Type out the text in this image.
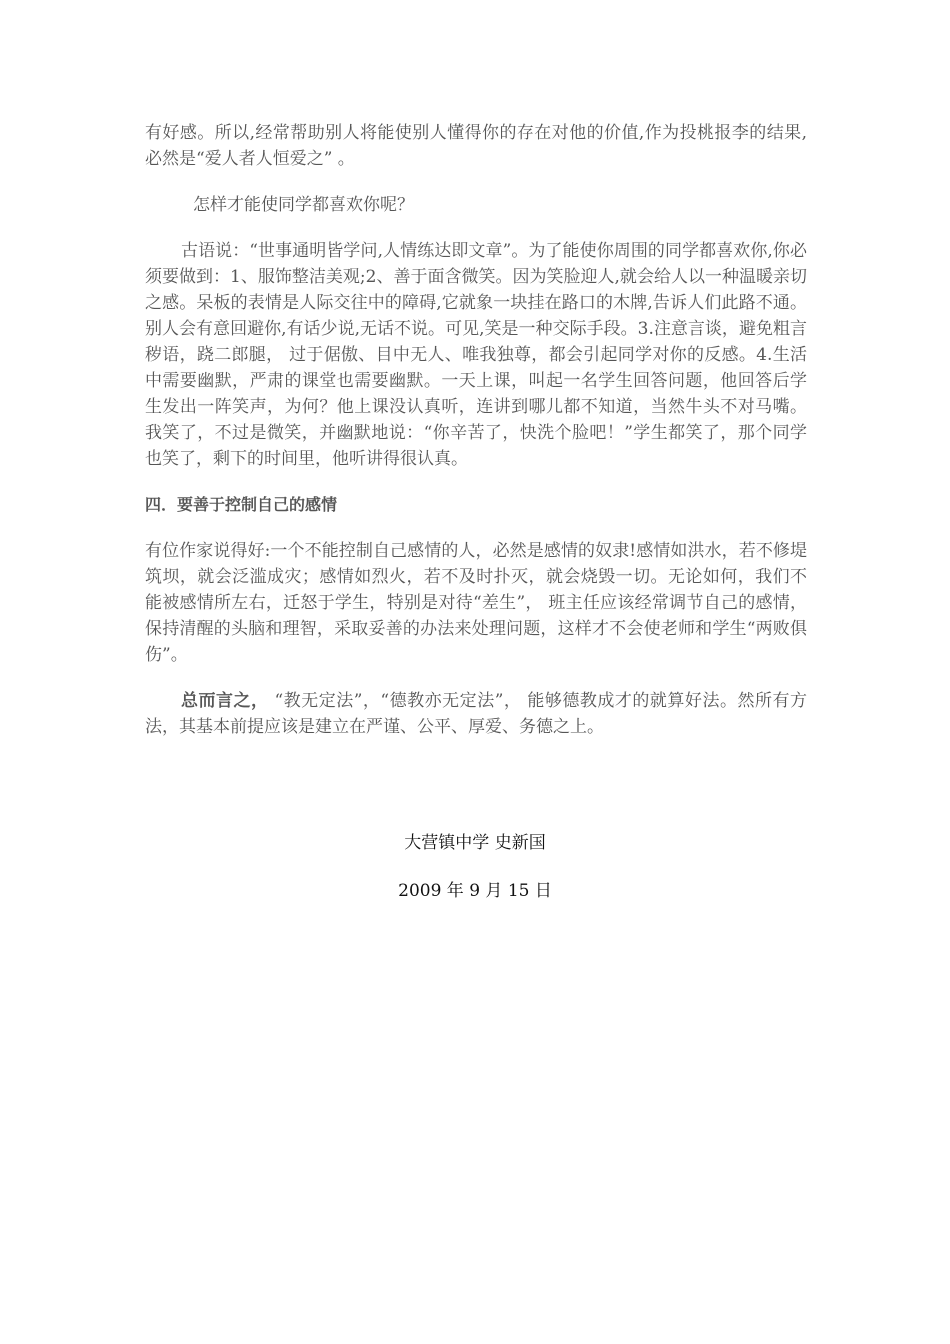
有好感。所以,经常帮助别人将能使别人懂得你的存在对他的价值,作为投桃报李的结果,必然是“爱人者人恒爱之” 。

怎样才能使同学都喜欢你呢？

古语说：“世事通明皆学问,人情练达即文章”。为了能使你周围的同学都喜欢你,你必须要做到：1、服饰整洁美观;2、善于面含微笑。因为笑脸迎人,就会给人以一种温暖亲切之感。呆板的表情是人际交往中的障碍,它就象一块挂在路口的木牌,告诉人们此路不通。别人会有意回避你,有话少说,无话不说。可见,笑是一种交际手段。3.注意言谈，避免粗言秽语，跷二郎腿， 过于倨傲、目中无人、唯我独尊，都会引起同学对你的反感。4.生活中需要幽默，严肃的课堂也需要幽默。一天上课，叫起一名学生回答问题，他回答后学生发出一阵笑声，为何？他上课没认真听，连讲到哪儿都不知道，当然牛头不对马嘴。我笑了，不过是微笑，并幽默地说：“你辛苦了，快洗个脸吧！”学生都笑了，那个同学也笑了，剩下的时间里，他听讲得很认真。

四．要善于控制自己的感情

有位作家说得好:一个不能控制自己感情的人，必然是感情的奴隶!感情如洪水，若不修堤筑坝，就会泛滥成灾；感情如烈火，若不及时扑灭，就会烧毁一切。无论如何，我们不能被感情所左右，迁怒于学生，特别是对待“差生”， 班主任应该经常调节自己的感情，保持清醒的头脑和理智，采取妥善的办法来处理问题，这样才不会使老师和学生“两败俱伤”。

总而言之， “教无定法”，“德教亦无定法”， 能够德教成才的就算好法。然所有方法，其基本前提应该是建立在严谨、公平、厚爱、务德之上。

大营镇中学 史新国
2009 年 9 月 15 日
